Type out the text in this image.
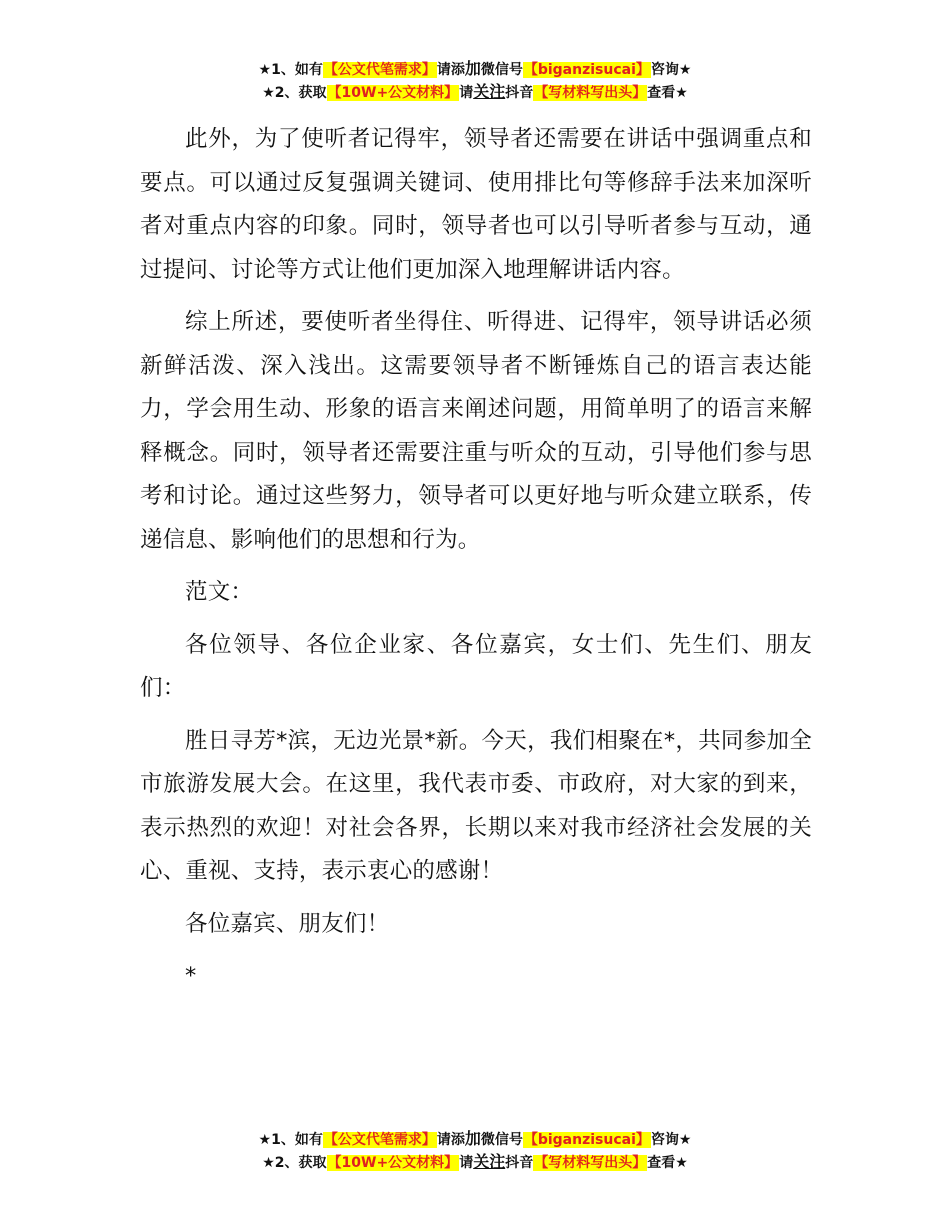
★1、如有【公文代笔需求】请添加微信号【biganzisucai】咨询★
★2、获取【10W+公文材料】请关注抖音【写材料写出头】查看★

此外，为了使听者记得牢，领导者还需要在讲话中强调重点和要点。可以通过反复强调关键词、使用排比句等修辞手法来加深听者对重点内容的印象。同时，领导者也可以引导听者参与互动，通过提问、讨论等方式让他们更加深入地理解讲话内容。

综上所述，要使听者坐得住、听得进、记得牢，领导讲话必须新鲜活泼、深入浅出。这需要领导者不断锤炼自己的语言表达能力，学会用生动、形象的语言来阐述问题，用简单明了的语言来解释概念。同时，领导者还需要注重与听众的互动，引导他们参与思考和讨论。通过这些努力，领导者可以更好地与听众建立联系，传递信息、影响他们的思想和行为。

范文：

各位领导、各位企业家、各位嘉宾，女士们、先生们、朋友们：

胜日寻芳*滨，无边光景*新。今天，我们相聚在*，共同参加全市旅游发展大会。在这里，我代表市委、市政府，对大家的到来，表示热烈的欢迎！对社会各界，长期以来对我市经济社会发展的关心、重视、支持，表示衷心的感谢！

各位嘉宾、朋友们！

*

★1、如有【公文代笔需求】请添加微信号【biganzisucai】咨询★
★2、获取【10W+公文材料】请关注抖音【写材料写出头】查看★
